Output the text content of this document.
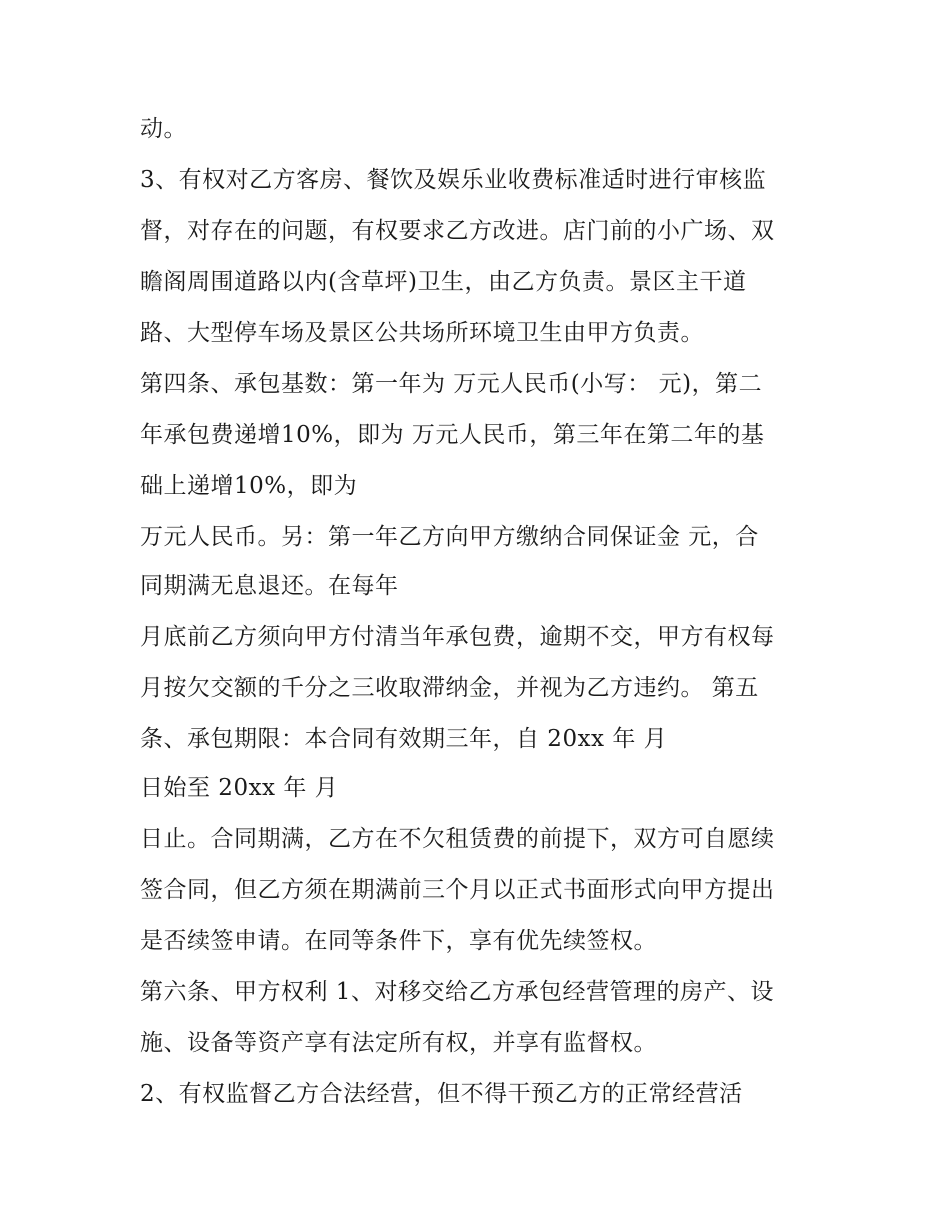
动。
3、有权对乙方客房、餐饮及娱乐业收费标准适时进行审核监
督，对存在的问题，有权要求乙方改进。店门前的小广场、双
瞻阁周围道路以内(含草坪)卫生，由乙方负责。景区主干道
路、大型停车场及景区公共场所环境卫生由甲方负责。
第四条、承包基数：第一年为 万元人民币(小写： 元)，第二
年承包费递增10%，即为 万元人民币，第三年在第二年的基
础上递增10%，即为
万元人民币。另：第一年乙方向甲方缴纳合同保证金 元，合
同期满无息退还。在每年
月底前乙方须向甲方付清当年承包费，逾期不交，甲方有权每
月按欠交额的千分之三收取滞纳金，并视为乙方违约。 第五
条、承包期限：本合同有效期三年，自 20xx 年 月
日始至 20xx 年 月
日止。合同期满，乙方在不欠租赁费的前提下，双方可自愿续
签合同，但乙方须在期满前三个月以正式书面形式向甲方提出
是否续签申请。在同等条件下，享有优先续签权。
第六条、甲方权利 1、对移交给乙方承包经营管理的房产、设
施、设备等资产享有法定所有权，并享有监督权。
2、有权监督乙方合法经营，但不得干预乙方的正常经营活
